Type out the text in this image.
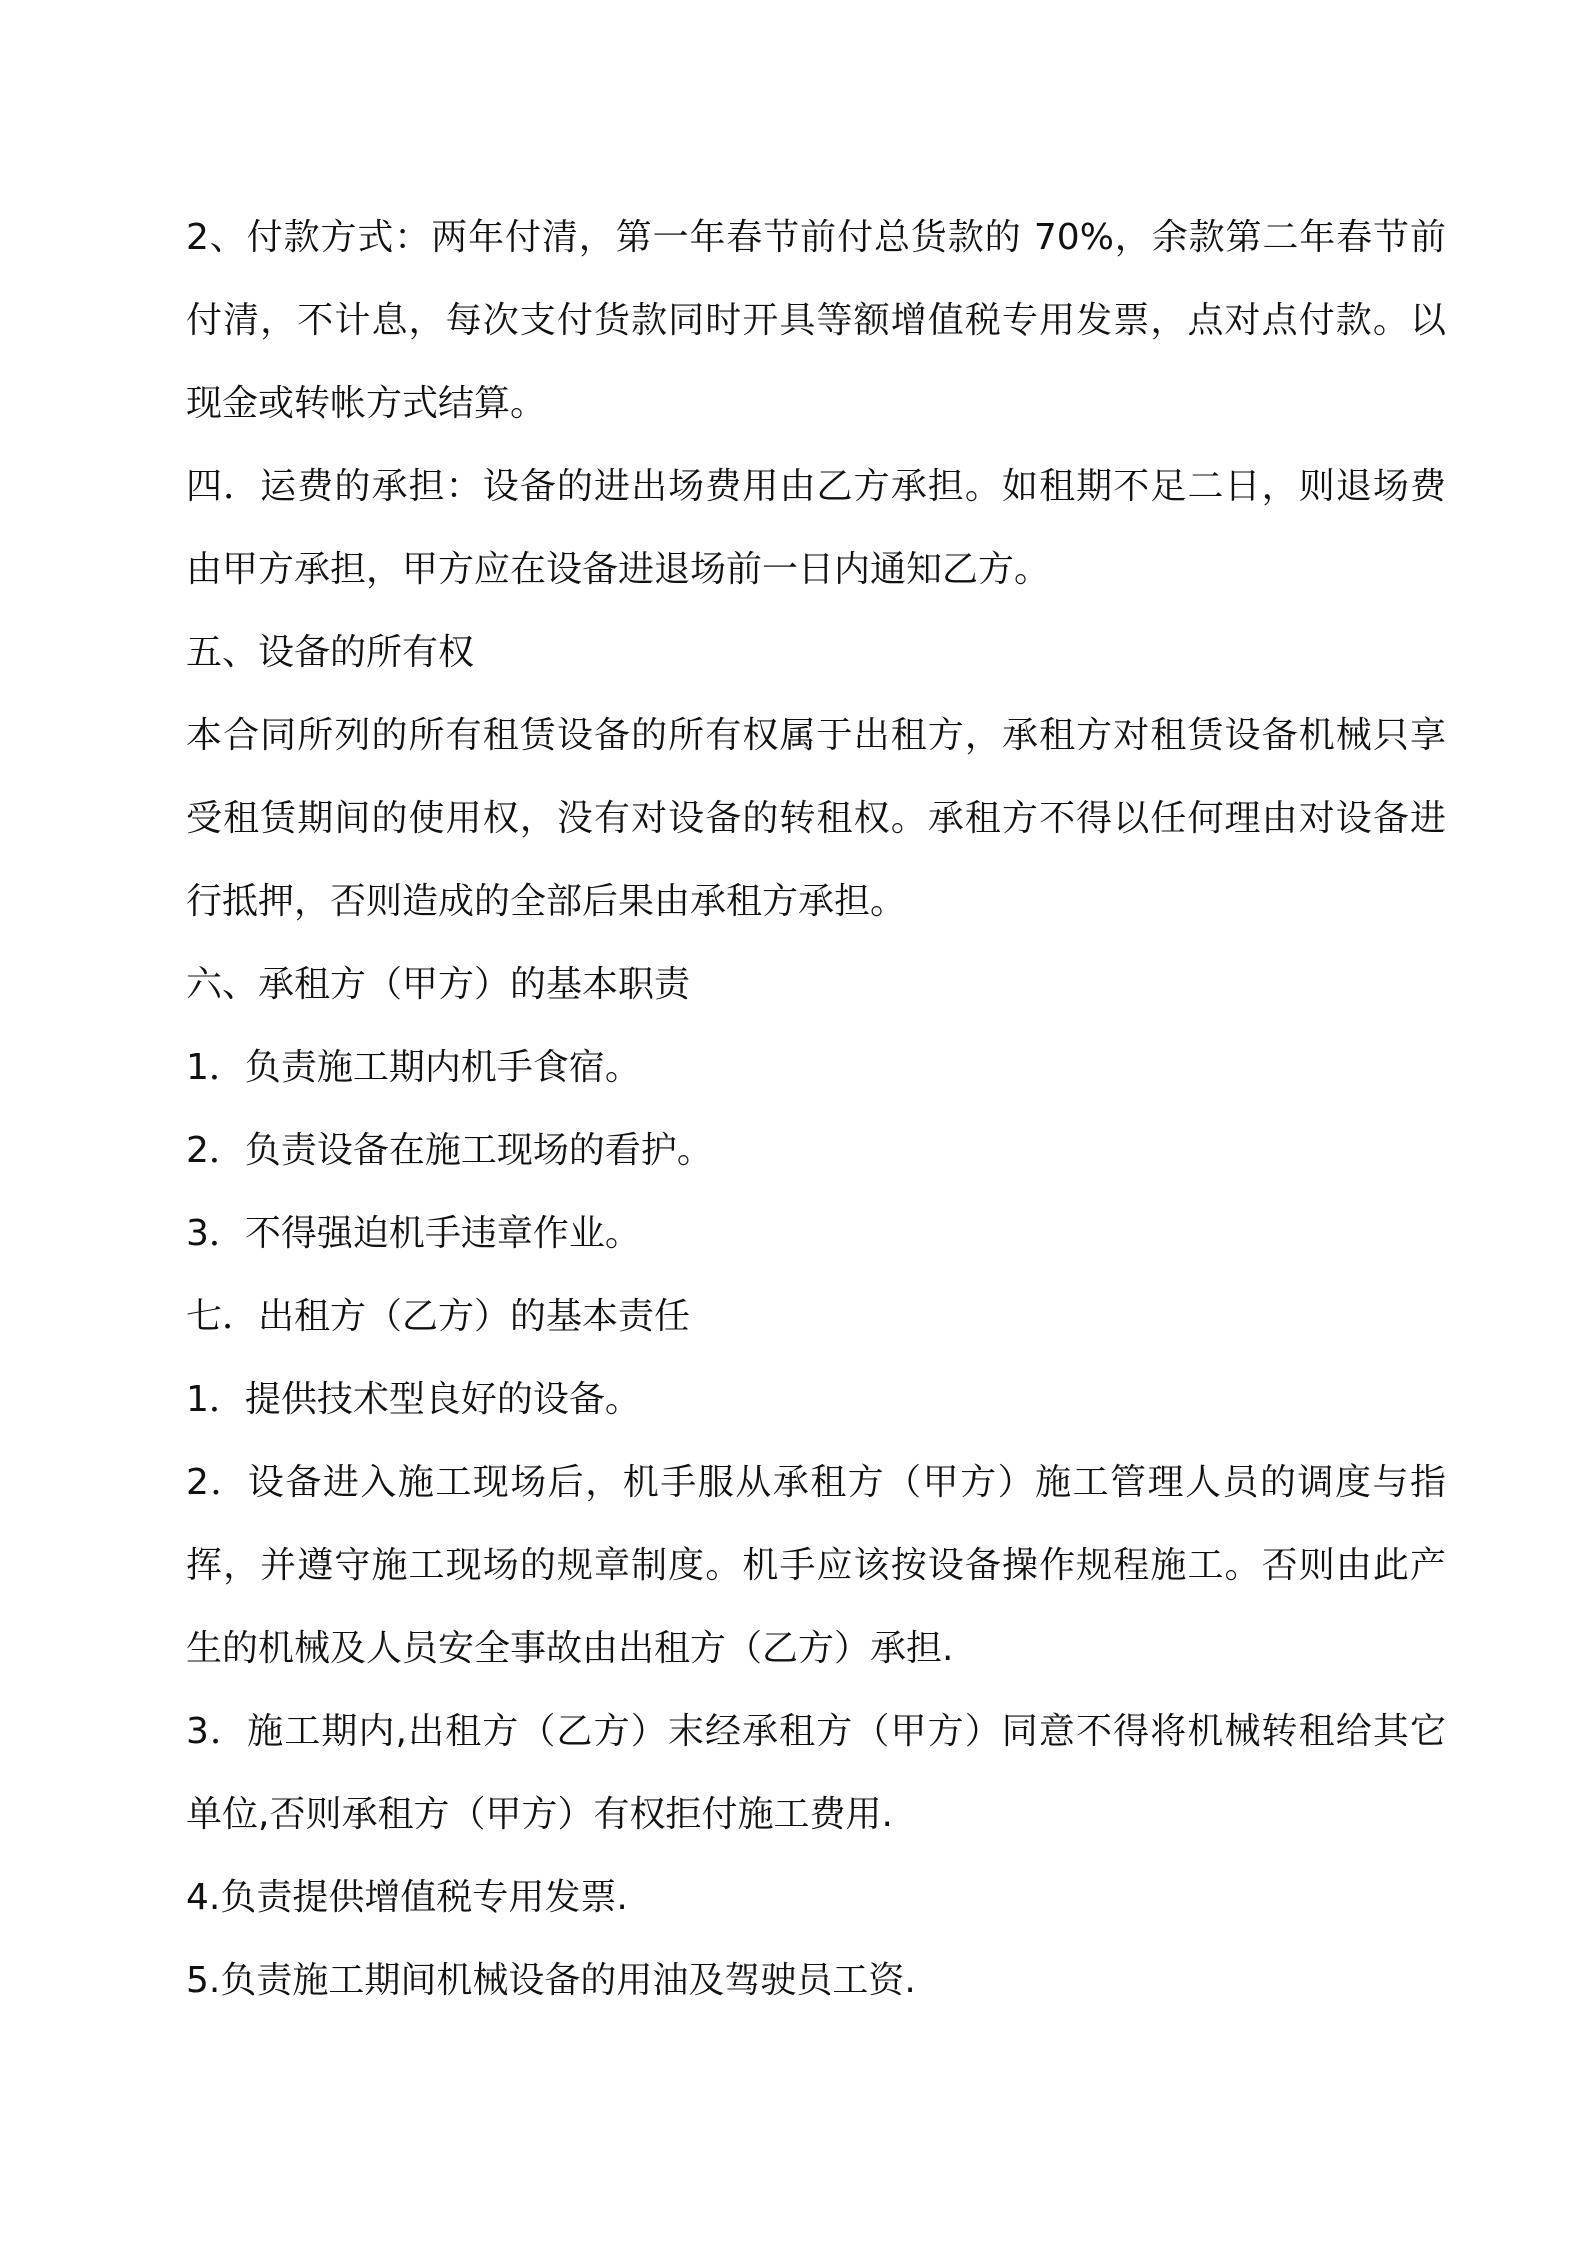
2、付款方式：两年付清，第一年春节前付总货款的 70%，余款第二年春节前
付清，不计息，每次支付货款同时开具等额增值税专用发票，点对点付款。以
现金或转帐方式结算。
四．运费的承担：设备的进出场费用由乙方承担。如租期不足二日，则退场费
由甲方承担，甲方应在设备进退场前一日内通知乙方。
五、设备的所有权
本合同所列的所有租赁设备的所有权属于出租方，承租方对租赁设备机械只享
受租赁期间的使用权，没有对设备的转租权。承租方不得以任何理由对设备进
行抵押，否则造成的全部后果由承租方承担。
六、承租方（甲方）的基本职责
1．负责施工期内机手食宿。
2．负责设备在施工现场的看护。
3．不得强迫机手违章作业。
七．出租方（乙方）的基本责任
1．提供技术型良好的设备。
2．设备进入施工现场后，机手服从承租方（甲方）施工管理人员的调度与指
挥，并遵守施工现场的规章制度。机手应该按设备操作规程施工。否则由此产
生的机械及人员安全事故由出租方（乙方）承担.
3．施工期内,出租方（乙方）末经承租方（甲方）同意不得将机械转租给其它
单位,否则承租方（甲方）有权拒付施工费用.
4.负责提供增值税专用发票.
5.负责施工期间机械设备的用油及驾驶员工资.
